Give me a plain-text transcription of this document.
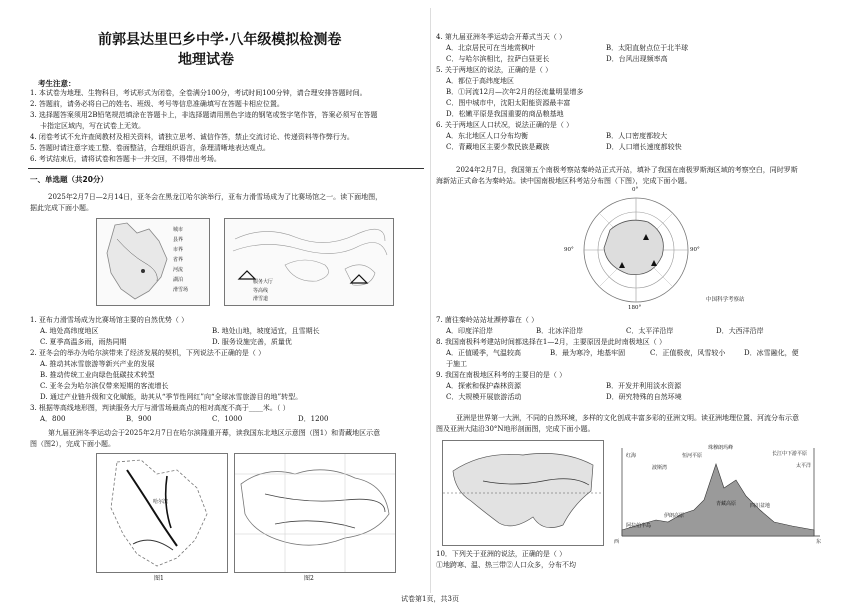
前郭县达里巴乡中学·八年级模拟检测卷
地理试卷
考生注意：
1. 本试卷为地理、生物科目，考试形式为闭卷，全卷满分100分，考试时间100分钟，请合理安排答题时间。
2. 答题前，请务必将自己的姓名、班级、考号等信息准确填写在答题卡相应位置。
3. 选择题答案须用2B铅笔规范填涂在答题卡上，非选择题请用黑色字迹的钢笔或签字笔作答，答案必须写在答题
卡指定区域内，写在试卷上无效。
4. 闭卷考试不允许查阅教材及相关资料，请独立思考、诚信作答，禁止交流讨论、传递资料等作弊行为。
5. 答题时请注意字迹工整、卷面整洁，合理组织语言，条理清晰地表达观点。
6. 考试结束后，请将试卷和答题卡一并交回，不得带出考场。
一、单选题（共20分）
2025年2月7日—2月14日，亚冬会在黑龙江哈尔滨举行，亚布力滑雪场成为了比赛场馆之一。读下面地图，
据此完成下面小题。
城市
县界
市界
省界
河流
湖泊
滑雪场
服务大厅
等高线
滑雪道
1. 亚布力滑雪场成为比赛场馆主要的自然优势（ ）
A. 地处高纬度地区	B. 地处山地，坡度适宜，且雪期长
C. 夏季高温多雨，雨热同期	D. 服务设施完善，质量优
2. 亚冬会的举办为哈尔滨带来了经济发展的契机，下列说法不正确的是（ ）
A. 推动其冰雪旅游等新兴产业的发展
B. 推动传统工业向绿色低碳技术转型
C. 亚冬会为哈尔滨仅带来短期的客流增长
D. 通过产业链升级和文化赋能，助其从“季节性网红”向“全球冰雪旅游目的地”转型。
3. 根据等高线地形图，判读服务大厅与滑雪场最高点的相对高度不高于____米。（ ）
A．800	B．900	C．1000	D．1200
第九届亚洲冬季运动会于2025年2月7日在哈尔滨隆重开幕，读我国东北地区示意图（图1）和青藏地区示意
图（图2），完成下面小题。
哈尔滨
图1	图2
4. 第九届亚洲冬季运动会开幕式当天（ ）
A．北京居民可在当地赏枫叶	B．太阳直射点位于北半球
C．与哈尔滨相比，拉萨白昼更长	D．台风出现频率高
5. 关于两地区的说法，正确的是（ ）
A．都位于高纬度地区
B．①河流12月—次年2月的径流量明显增多
C．图中城市中，沈阳太阳能资源最丰富
D．松嫩平原是我国重要的商品粮基地
6. 关于两地区人口状况，说法正确的是（ ）
A．东北地区人口分布均衡	B．人口密度都较大
C．青藏地区主要少数民族是藏族	D．人口增长速度都较快
2024年2月7日，我国第五个南极考察站秦岭站正式开站，填补了我国在南极罗斯海区域的考察空白，同时罗斯
海新站正式命名为秦岭站。读中国南极地区科考站分布图（下图），完成下面小题。
0°
90°	90°
180°
中国科学考察站
7. 菌往秦岭站站址濒停靠在（ ）
A．印度洋沿岸	B．北冰洋沿岸	C．太平洋沿岸	D．大西洋沿岸
8. 我国南极科考建站时间都选择在1—2月，主要原因是此时南极地区（ ）
A．正值暖季，气温较高	B．最为寒冷，地基牢固	C．正值极夜，风雪较小	D．冰雪融化，便
于施工
9. 我国在南极地区科考的主要目的是（ ）
A．探索和保护森林资源	B．开发并利用淡水资源
C．大规模开展旅游活动	D．研究特殊的自然环境
亚洲是世界第一大洲，不同的自然环境，多样的文化创成丰富多彩的亚洲文明。读亚洲地理位置、河流分布示意
图及亚洲大陆沿30°N地形剖面图，完成下面小题。
阿拉伯半岛
伊朗高原
青藏高原	四川盆地
长江中下游平原
太平洋
红海
波斯湾
恒河平原
珠穆朗玛峰
西	东
10．下列关于亚洲的说法，正确的是（ ）
①地跨寒、温、热三带②人口众多，分布不均
试卷第1页，共3页
